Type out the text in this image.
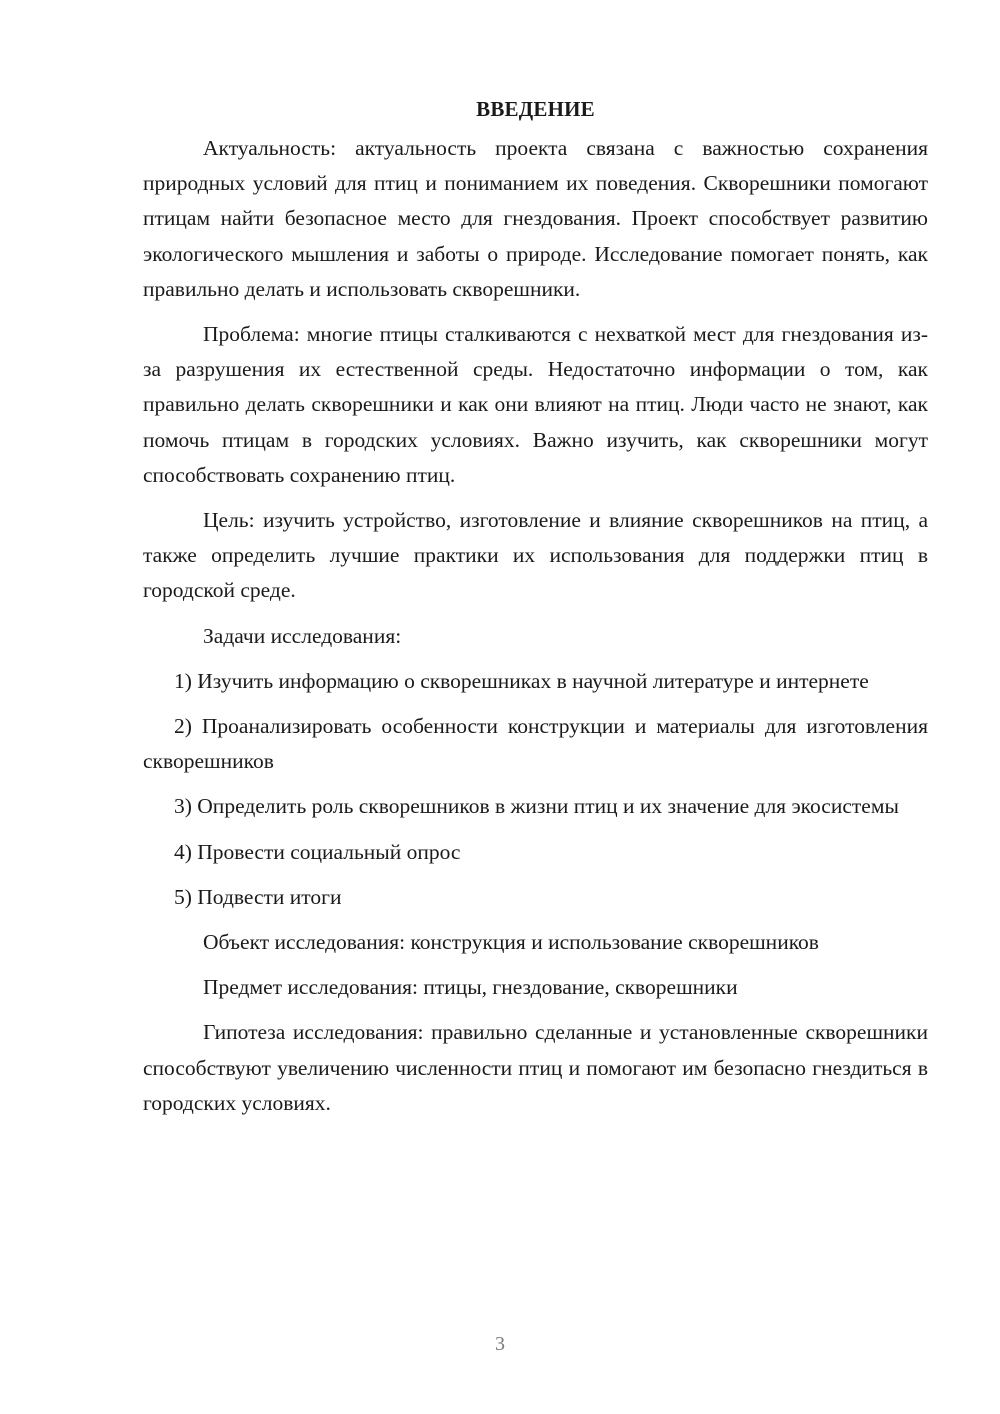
ВВЕДЕНИЕ

Актуальность: актуальность проекта связана с важностью сохранения природных условий для птиц и пониманием их поведения. Скворешники помогают птицам найти безопасное место для гнездования. Проект способствует развитию экологического мышления и заботы о природе. Исследование помогает понять, как правильно делать и использовать скворешники.

Проблема: многие птицы сталкиваются с нехваткой мест для гнездования из-за разрушения их естественной среды. Недостаточно информации о том, как правильно делать скворешники и как они влияют на птиц. Люди часто не знают, как помочь птицам в городских условиях. Важно изучить, как скворешники могут способствовать сохранению птиц.

Цель: изучить устройство, изготовление и влияние скворешников на птиц, а также определить лучшие практики их использования для поддержки птиц в городской среде.

Задачи исследования:

1) Изучить информацию о скворешниках в научной литературе и интернете

2) Проанализировать особенности конструкции и материалы для изготовления скворешников

3) Определить роль скворешников в жизни птиц и их значение для экосистемы

4) Провести социальный опрос

5) Подвести итоги

Объект исследования: конструкция и использование скворешников

Предмет исследования: птицы, гнездование, скворешники

Гипотеза исследования: правильно сделанные и установленные скворешники способствуют увеличению численности птиц и помогают им безопасно гнездиться в городских условиях.

3
